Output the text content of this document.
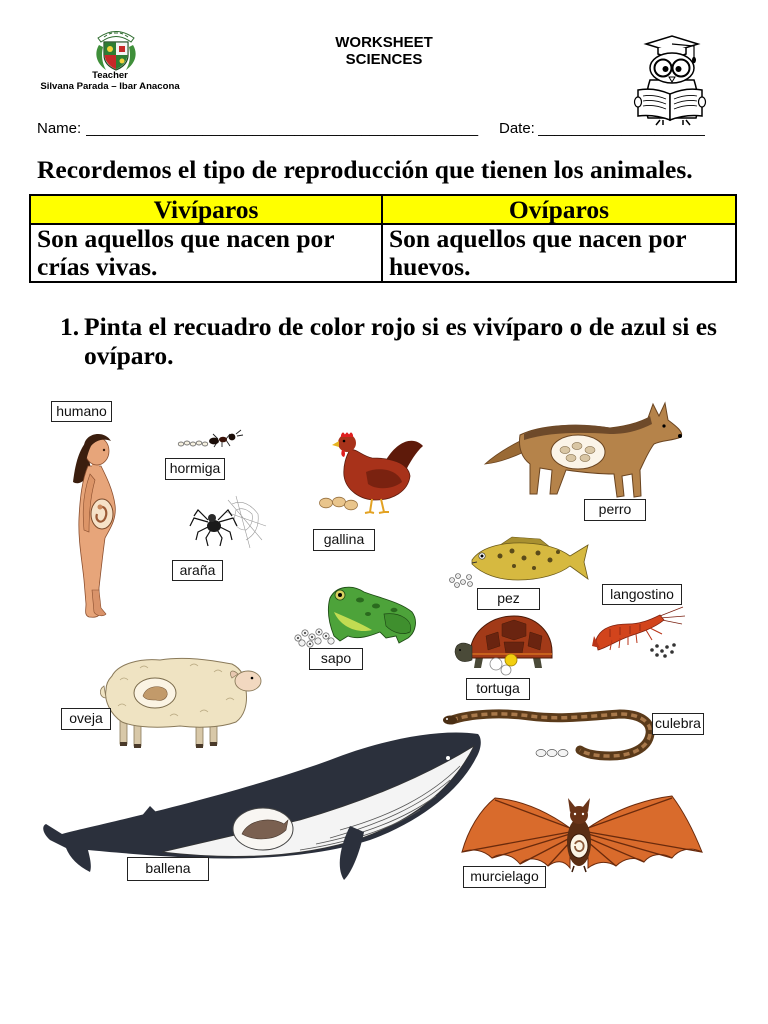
Teacher
Silvana Parada – Ibar Anacona
WORKSHEET
SCIENCES
Name: _______________________________________________	Date: ____________________
Recordemos el tipo de reproducción que tienen los animales.
Vivíparos	Ovíparos
Son aquellos que nacen por crías vivas.	Son aquellos que nacen por huevos.
1. Pinta el recuadro de color rojo si es vivíparo o de azul si es ovíparo.
humano
hormiga
araña
gallina
perro
pez	langostino
sapo
tortuga
oveja	culebra
ballena	murcielago
